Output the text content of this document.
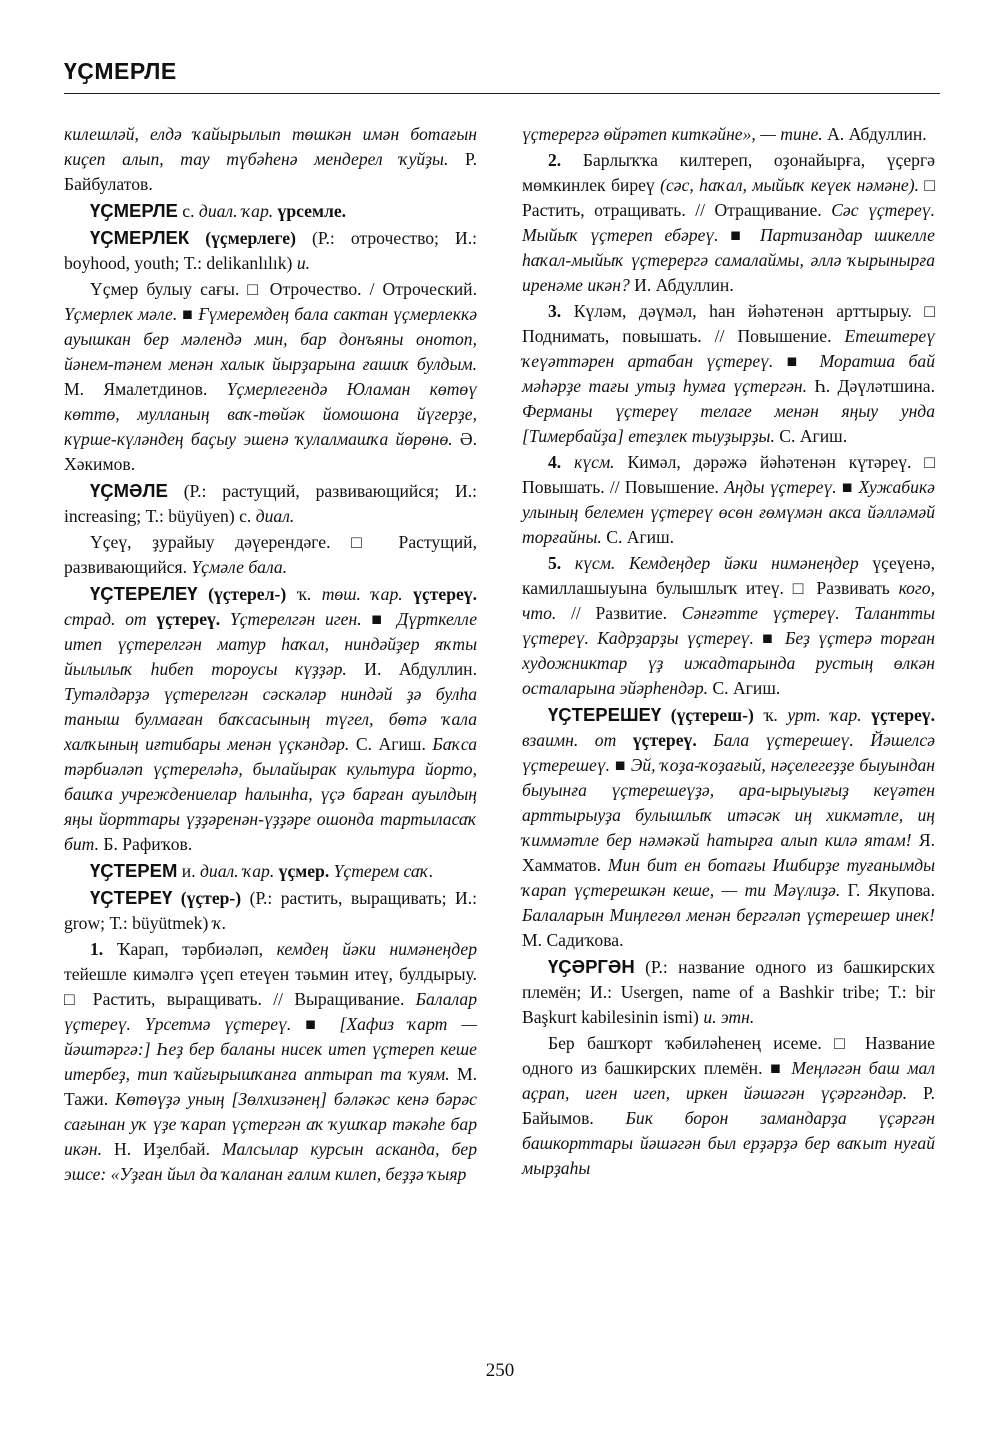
ҮҪМЕРЛЕ

килешләй, елдә ҡайырылып төшкән имән ботағын киҫеп алып, тау түбәһенә мендерел ҡуйҙы. Р. Байбулатов.

ҮҪМЕРЛЕ с. диал. ҡар. үрсемле.

ҮҪМЕРЛЕК (үҫмерлеге) (Р.: отрочество; И.: boyhood, youth; Т.: delikanlılık) и.

Үҫмер булыу сағы. □ Отрочество. / Отроческий. Үҫмерлек мәле. ■ Ғүмеремдең бала сактан үҫмерлеккә ауышкан бер мәлендә мин, бар донъяны онотоп, йәнем-тәнем менән халык йырҙарына ғашиҡ булдым. М. Ямалетдинов. Үҫмерлегендә Юламан көтөү көттө, мулланың ваҡ-төйәк йомошона йүгерҙе, күрше-күләндең баҫыу эшенә ҡулалмашҡа йөрөнө. Ә. Хәкимов.

ҮҪМӘЛЕ (Р.: растущий, развивающийся; И.: increasing; Т.: büyüyen) с. диал.

Үҫеү, ҙурайыу дәүерендәге. □ Растущий, развивающийся. Үҫмәле бала.

ҮҪТЕРЕЛЕҮ (үҫтерел-) ҡ. төш. ҡар. үҫтереү. страд. от үҫтереү. Үҫтерелгән иген. ■ Дүрткелле итеп үҫтерелгән матур һаҡал, ниндәйҙер яҡты йылылыҡ һибеп тороусы күҙҙәр. И. Абдуллин. Тутәлдәрҙә үҫтерелгән сәскәләр ниндәй ҙә булһа таныш булмаған баҡсасының түгел, бөтә ҡала халҡының иғтибары менән үҫкәндәр. С. Агиш. Баҡса тәрбиәләп үҫтереләһә, былайырак культура йорто, башҡа учреждениелар һалынһа, үҫә барған ауылдың яңы йорттары үҙҙәренән-үҙҙәре ошонда тартыласаҡ бит. Б. Рафиҡов.

ҮҪТЕРЕМ и. диал. ҡар. үҫмер. Үҫтерем саҡ.

ҮҪТЕРЕҮ (үҫтер-) (Р.: растить, выращивать; И.: grow; Т.: büyütmek) ҡ.

1. Ҡарап, тәрбиәләп, кемдең йәки нимәнеңдер тейешле кимәлгә үҫеп етеүен тәьмин итеү, булдырыу. □ Растить, выращивать. // Выращивание. Балалар үҫтереү. Үрсетмә үҫтереү. ■ [Хафиз ҡарт — йәштәргә:] Һеҙ бер баланы нисек итеп үҫтереп кеше итербеҙ, тип ҡайғырышҡанға аптырап та ҡуям. М. Тажи. Көтөүҙә уның [Зөлхизәнең] бәләкәс кенә бәрәс сағынан уҡ үҙе ҡарап үҫтергән аҡ ҡушҡар тәкәһе бар икән. Н. Иҙелбай. Малсылар курсын асканда, бер эшсе: «Уҙған йыл да ҡаланан ғалим килеп, беҙҙә ҡыяр

үҫтерергә өйрәтеп киткәйне», — тине. А. Абдуллин.

2. Барлыҡҡа килтереп, оҙонайырға, үҫергә мөмкинлек биреү (сәс, һаҡал, мыйыҡ кеүек нәмәне). □ Растить, отращивать. // Отращивание. Сәс үҫтереү. Мыйыҡ үҫтереп ебәреү. ■ Партизандар шикелле һаҡал-мыйыҡ үҫтерергә самалаймы, әллә ҡырынырға иренәме икән? И. Абдуллин.

3. Күләм, дәүмәл, һан йәһәтенән арттырыу. □ Поднимать, повышать. // Повышение. Етештереү ҡеүәттәрен артабан үҫтереү. ■ Моратша бай мәһәрҙе тағы утыҙ һумға үҫтергән. Һ. Дәүләтшина. Ферманы үҫтереү телаге менән яңыу унда [Тимербайҙа] етеҙлек тыуҙырҙы. С. Агиш.

4. күсм. Кимәл, дәрәжә йәһәтенән күтәреү. □ Повышать. // Повышение. Аңды үҫтереү. ■ Хужабикә улының белемен үҫтереү өсөн ғөмүмән акса йәлләмәй торғайны. С. Агиш.

5. күсм. Кемдеңдер йәки нимәнеңдер үҫеүенә, камиллашыуына булышлыҡ итеү. □ Развивать кого, что. // Развитие. Сәнғәтте үҫтереү. Талантты үҫтереү. Кадрҙарҙы үҫтереү. ■ Беҙ үҫтерә торған художниктар үҙ ижадтарында рустың өлкән осталарына эйәрһендәр. С. Агиш.

ҮҪТЕРЕШЕҮ (үҫтереш-) ҡ. урт. ҡар. үҫтереү. взаимн. от үҫтереү. Бала үҫтерешеү. Йәшелсә үҫтерешеү. ■ Эй, ҡоҙа-ҡоҙағый, нәҫелегеҙҙе быуындан быуынға үҫтерешеүҙә, ара-ырыуығыҙ кеүәтен арттырыуҙа булышлыҡ итәсәк иң хикмәтле, иң ҡиммәтле бер нәмәкәй һатырға алып килә ятам! Я. Хамматов. Мин бит ен ботағы Ишбирҙе туғанымды ҡарап үҫтерешкән кеше, — ти Мәүлиҙә. Г. Якупова. Балаларын Миңлегөл менән бергәләп үҫтерешер инек! М. Садиҡова.

ҮҪӘРГӘН (Р.: название одного из башкирских племён; И.: Usergen, name of a Bashkir tribe; Т.: bir Başkurt kabilesinin ismi) и. этн.

Бер башҡорт ҡәбиләһенең исеме. □ Название одного из башкирских племён. ■ Меңләгән баш мал аҫрап, иген игеп, иркен йәшәгән үҫәргәндәр. Р. Байымов. Бик борон замандарҙа үҫәргән башкорттары йәшәгән был ерҙәрҙә бер ваҡыт нуғай мырҙаһы

250
